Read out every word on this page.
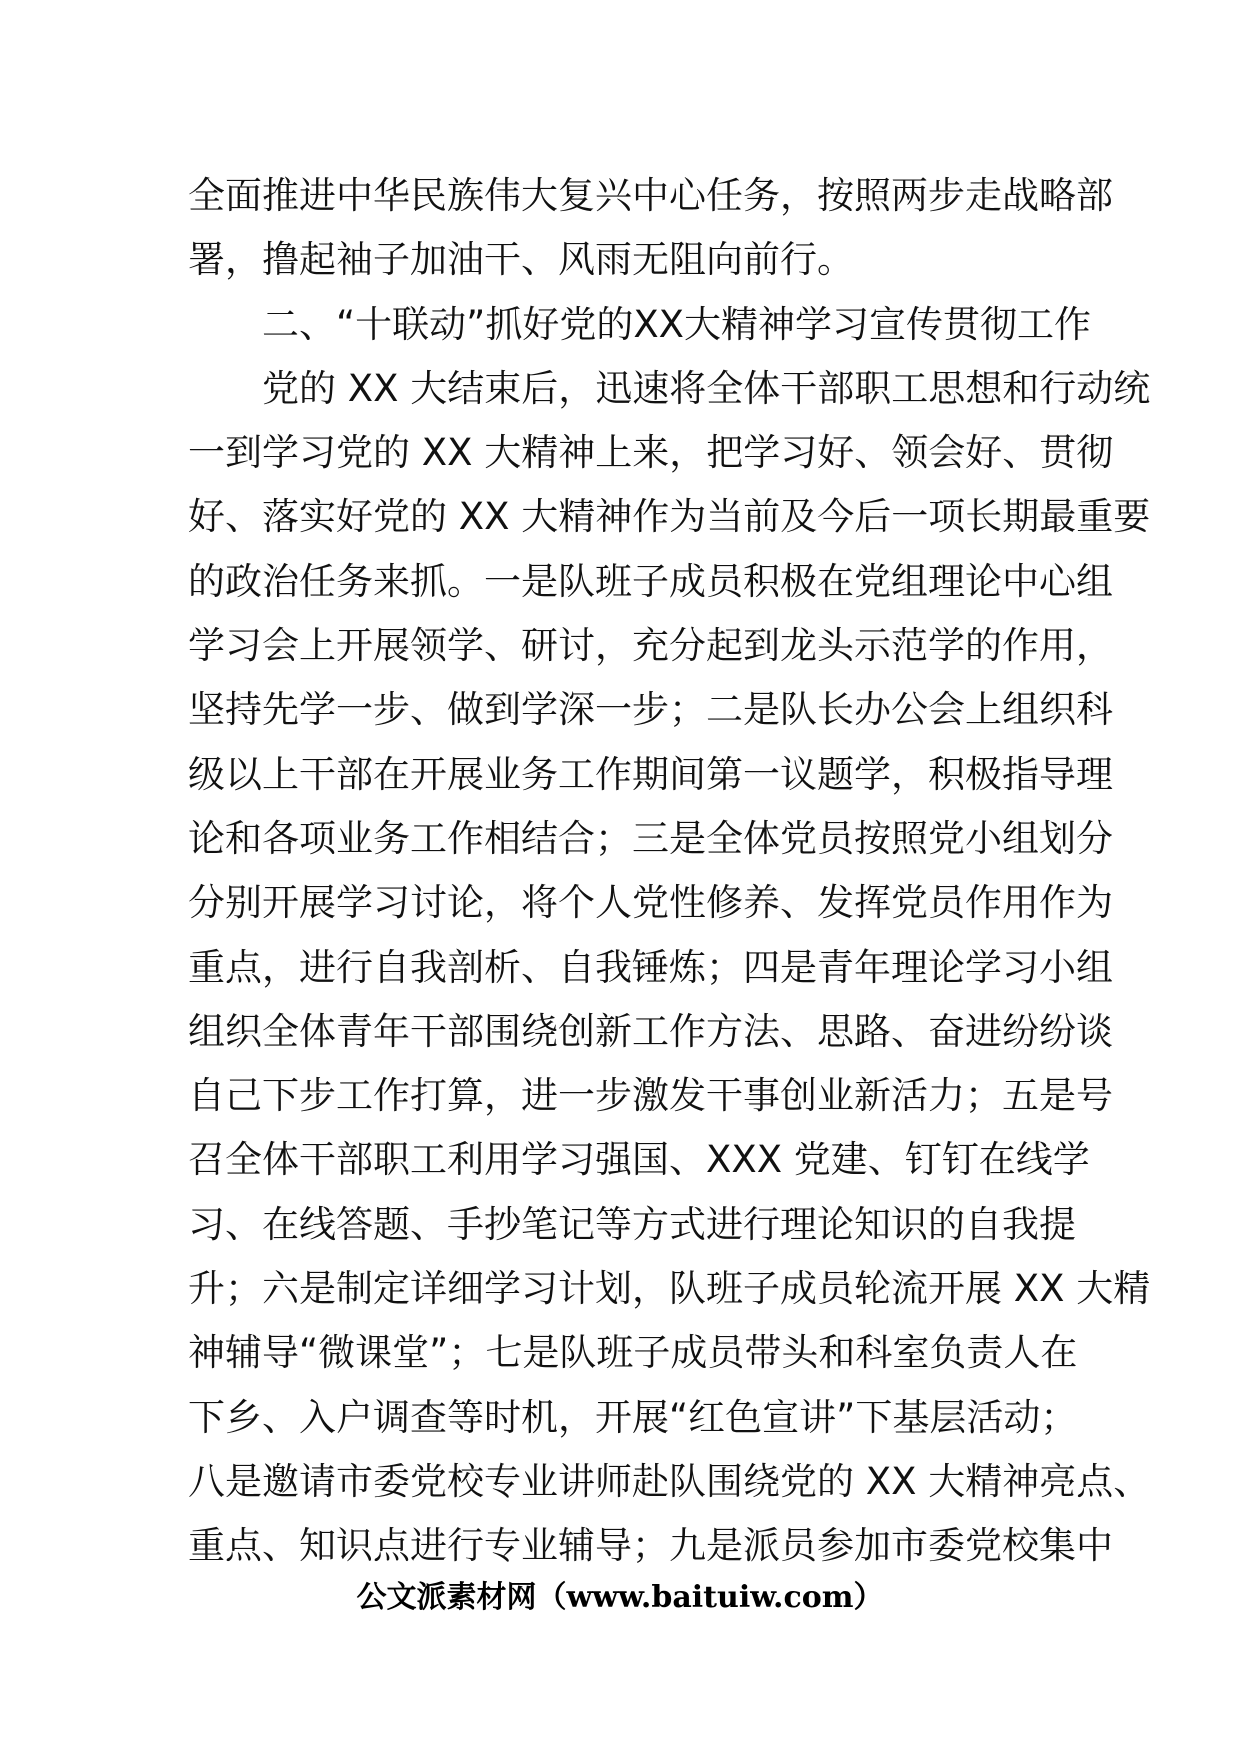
全面推进中华民族伟大复兴中心任务，按照两步走战略部
署，撸起袖子加油干、风雨无阻向前行。
二、“十联动”抓好党的XX大精神学习宣传贯彻工作
党的 XX 大结束后，迅速将全体干部职工思想和行动统
一到学习党的 XX 大精神上来，把学习好、领会好、贯彻
好、落实好党的 XX 大精神作为当前及今后一项长期最重要
的政治任务来抓。一是队班子成员积极在党组理论中心组
学习会上开展领学、研讨，充分起到龙头示范学的作用，
坚持先学一步、做到学深一步；二是队长办公会上组织科
级以上干部在开展业务工作期间第一议题学，积极指导理
论和各项业务工作相结合；三是全体党员按照党小组划分
分别开展学习讨论，将个人党性修养、发挥党员作用作为
重点，进行自我剖析、自我锤炼；四是青年理论学习小组
组织全体青年干部围绕创新工作方法、思路、奋进纷纷谈
自己下步工作打算，进一步激发干事创业新活力；五是号
召全体干部职工利用学习强国、XXX 党建、钉钉在线学
习、在线答题、手抄笔记等方式进行理论知识的自我提
升；六是制定详细学习计划，队班子成员轮流开展 XX 大精
神辅导“微课堂”；七是队班子成员带头和科室负责人在
下乡、入户调查等时机，开展“红色宣讲”下基层活动；
八是邀请市委党校专业讲师赴队围绕党的 XX 大精神亮点、
重点、知识点进行专业辅导；九是派员参加市委党校集中
公文派素材网（www.baituiw.com）
